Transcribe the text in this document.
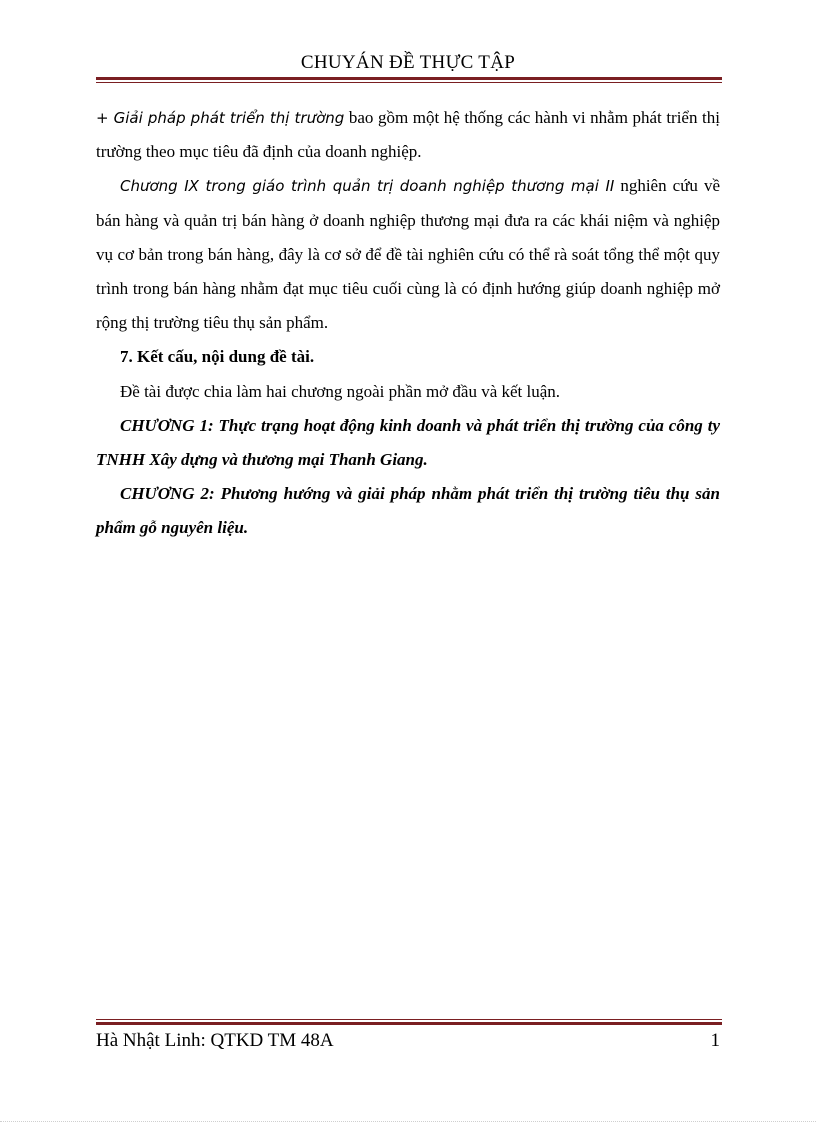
CHUYÁN ĐỀ THỰC TẬP

+ Giải pháp phát triển thị trường bao gồm một hệ thống các hành vi nhằm phát triển thị trường theo mục tiêu đã định của doanh nghiệp.

Chương IX trong giáo trình quản trị doanh nghiệp thương mại II nghiên cứu về bán hàng và quản trị bán hàng ở doanh nghiệp thương mại đưa ra các khái niệm và nghiệp vụ cơ bản trong bán hàng, đây là cơ sở để đề tài nghiên cứu có thể rà soát tổng thể một quy trình trong bán hàng nhằm đạt mục tiêu cuối cùng là có định hướng giúp doanh nghiệp mở rộng thị trường tiêu thụ sản phẩm.

7. Kết cấu, nội dung đề tài.

Đề tài được chia làm hai chương ngoài phần mở đầu và kết luận.

CHƯƠNG 1: Thực trạng hoạt động kinh doanh và phát triển thị trường của công ty TNHH Xây dựng và thương mại Thanh Giang.

CHƯƠNG 2: Phương hướng và giải pháp nhằm phát triển thị trường tiêu thụ sản phẩm gỗ nguyên liệu.

Hà Nhật Linh: QTKD TM 48A	1
